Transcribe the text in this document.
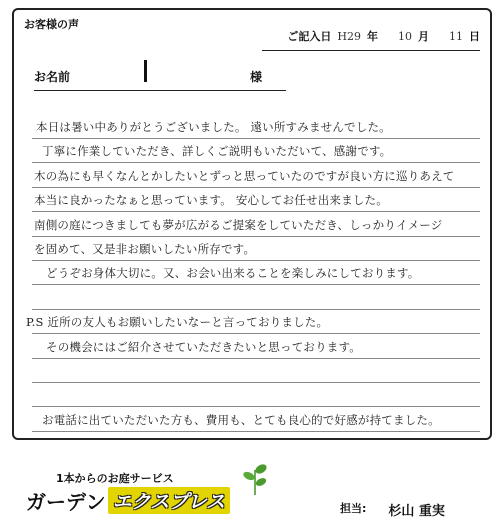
お客様の声
ご記入日 H29 年 10 月 11 日
お名前	様
本日は暑い中ありがとうございました。 遠い所すみませんでした。
丁寧に作業していただき、詳しくご説明もいただいて、感謝です。
木の為にも早くなんとかしたいとずっと思っていたのですが良い方に巡りあえて
本当に良かったなぁと思っています。 安心してお任せ出来ました。
南側の庭につきましても夢が広がるご提案をしていただき、しっかりイメージ
を固めて、又是非お願いしたい所存です。
どうぞお身体大切に。又、お会い出来ることを楽しみにしております。
P.S 近所の友人もお願いしたいなーと言っておりました。
その機会にはご紹介させていただきたいと思っております。
お電話に出ていただいた方も、費用も、とても良心的で好感が持てました。
1本からのお庭サービス
ガーデン エクスプレス	担当: 杉山 重実
